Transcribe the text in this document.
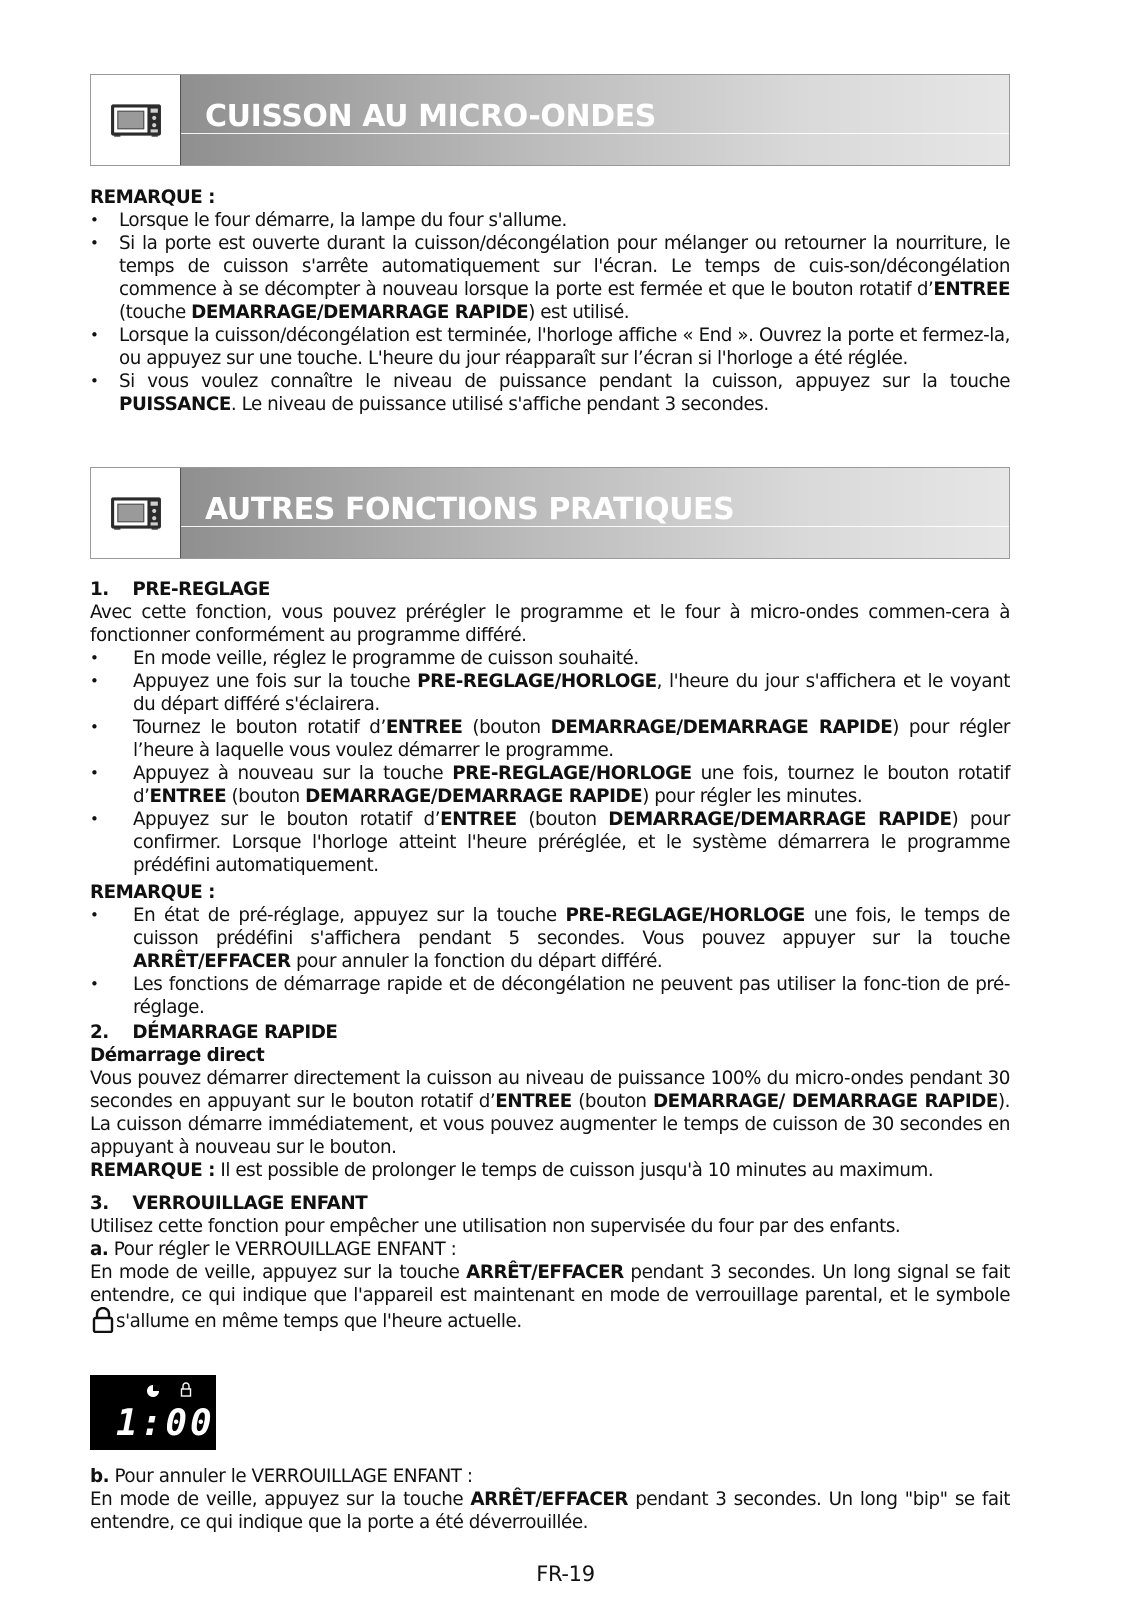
CUISSON AU MICRO-ONDES

REMARQUE :

• Lorsque le four démarre, la lampe du four s'allume.
• Si la porte est ouverte durant la cuisson/décongélation pour mélanger ou retourner la nourriture, le temps de cuisson s'arrête automatiquement sur l'écran. Le temps de cuis-son/décongélation commence à se décompter à nouveau lorsque la porte est fermée et que le bouton rotatif d’ENTREE (touche DEMARRAGE/DEMARRAGE RAPIDE) est utilisé.
• Lorsque la cuisson/décongélation est terminée, l'horloge affiche « End ». Ouvrez la porte et fermez-la, ou appuyez sur une touche. L'heure du jour réapparaît sur l’écran si l'horloge a été réglée.
• Si vous voulez connaître le niveau de puissance pendant la cuisson, appuyez sur la touche PUISSANCE. Le niveau de puissance utilisé s'affiche pendant 3 secondes.
AUTRES FONCTIONS PRATIQUES

1.    PRE-REGLAGE

Avec cette fonction, vous pouvez prérégler le programme et le four à micro-ondes commen-cera à fonctionner conformément au programme différé.

• En mode veille, réglez le programme de cuisson souhaité.
• Appuyez une fois sur la touche PRE-REGLAGE/HORLOGE, l'heure du jour s'affichera et le voyant du départ différé s'éclairera.
• Tournez le bouton rotatif d’ENTREE (bouton DEMARRAGE/DEMARRAGE RAPIDE) pour régler l’heure à laquelle vous voulez démarrer le programme.
• Appuyez à nouveau sur la touche PRE-REGLAGE/HORLOGE une fois, tournez le bouton rotatif d’ENTREE (bouton DEMARRAGE/DEMARRAGE RAPIDE) pour régler les minutes.
• Appuyez sur le bouton rotatif d’ENTREE (bouton DEMARRAGE/DEMARRAGE RAPIDE) pour confirmer. Lorsque l'horloge atteint l'heure préréglée, et le système démarrera le programme prédéfini automatiquement.

REMARQUE :

• En état de pré-réglage, appuyez sur la touche PRE-REGLAGE/HORLOGE une fois, le temps de cuisson prédéfini s'affichera pendant 5 secondes. Vous pouvez appuyer sur la touche ARRÊT/EFFACER pour annuler la fonction du départ différé.
• Les fonctions de démarrage rapide et de décongélation ne peuvent pas utiliser la fonc-tion de pré-réglage.

2.    DÉMARRAGE RAPIDE

Démarrage direct

Vous pouvez démarrer directement la cuisson au niveau de puissance 100% du micro-ondes pendant 30 secondes en appuyant sur le bouton rotatif d’ENTREE (bouton DEMARRAGE/ DEMARRAGE RAPIDE). La cuisson démarre immédiatement, et vous pouvez augmenter le temps de cuisson de 30 secondes en appuyant à nouveau sur le bouton.

REMARQUE : Il est possible de prolonger le temps de cuisson jusqu'à 10 minutes au maximum.

3.    VERROUILLAGE ENFANT

Utilisez cette fonction pour empêcher une utilisation non supervisée du four par des enfants.

a. Pour régler le VERROUILLAGE ENFANT :

En mode de veille, appuyez sur la touche ARRÊT/EFFACER pendant 3 secondes. Un long signal se fait entendre, ce qui indique que l'appareil est maintenant en mode de verrouillage parental, et le symboles'allume en même temps que l'heure actuelle.

1:00

b. Pour annuler le VERROUILLAGE ENFANT :

En mode de veille, appuyez sur la touche ARRÊT/EFFACER pendant 3 secondes. Un long "bip" se fait entendre, ce qui indique que la porte a été déverrouillée.

FR-19
